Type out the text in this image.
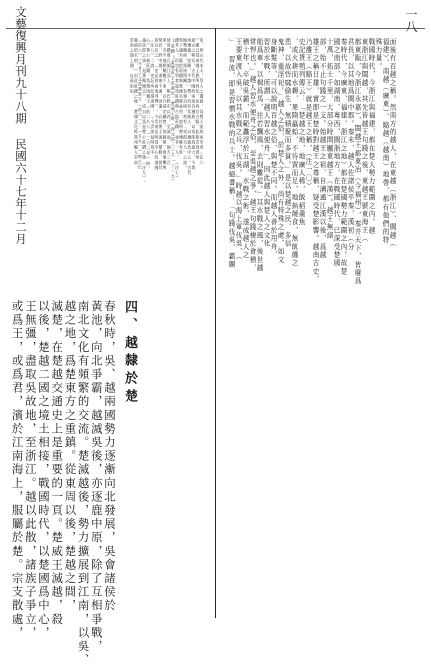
一八
文藝復興月刊九十八期 民國六十七年十二月	面後有百越之稱。然南方的越人，在東越（浙江）、閩越（
福建）、南越（廣東）、駱越（越南）地帶，都有他們的特
殊力量。
戰國時代，今浙江與福建，都在楚人勢力範圍之內。越
東浙江與閩越，其先皆越王句踐之後，東越王號東海王（
都東甌，今浙江永嘉），閩越王都東冶（今福州），秦并天下，皆廢爲
君長，以其地爲閩中郡。秦末，越人佐諸侯平秦，漢初（分
秦時代，今廣東、福建、浙江之地）都在楚國勢力範圍之內。故楚
國之南部，如湖南、粵西、閩浙地方，在戰國時代，已深受楚國
十萬，拓土千里，大部分時間屬東越王（漢）。越王無諸
部，始不止句踐之一支。始越王之祖，自溝通江漢以後，爲越
雄王之稱日雄，實即是楚時對越王之尊稱，疑受楚影響。越南古史，
乃雒王（駱王）就是越王之稱。（注一〇）
史記貨殖列傳云：「楚越之地，地廣人稀，飯稻羹魚
，或火耕而水耨，果隋蠃蛤，不待賈而足，地埶饒食，無飢饉之
患，以故呰窳偷生，無積聚而多貧。」是以楚越之民，多信
鬼神，重淫祀。」越人之俗，於楚人之外，尚有特殊之處，如文
身斷髮等，可以說明百越之俗，與楚不同。而越人善於用舟，
習於水戰，所謂「越人習水便舟」，因此越人與楚人之文化
船爲車，以楫爲馬，往若飄風，去則難從。」其水戰之風，後世越
常悍也。」越人習水便舟之俗，至吳越之爭，越王句踐棲於會稽，
稽十年，卒破吳霸，而範蠡浮於五湖，水戰之術，遂成越人之
王要東渡入吳，以其水戰之兵，伐吳。」時越以海上軍伐吳，（
」 習流，即是習慣水戰的兵士。越絕書稱：「句踐伐吳，霸關
家，仰古代宋人，蔡人之遺裔，爲楚人流放而至者（注六
）雖已爲周國土族所同化，而尚存古服，此紫雲爲貴州
最古之移民，古代中國西南部各邊族，以夜郎爲最大。今貴
州遵義，安順，平越一帶，均有其族人，以遵義爲中心。古代
地勢關係，需接閉關，負嶺自固，故有「夜郎自大」之說。
荀子議兵篇把莊蹻與楚國名將並列，說明楚國確有莊
蹻其人。但也有學者認爲莊蹻與古盜莊蹻，並非一人。（注七）
[莊蹻]蓋楚莊王苗裔也。楚威王時（西元前三三九—三二九）
使莊蹻將兵循江而上，略巴黔中以西，至滇池，地方三百
里，旁平地肥饒數千里，以兵威定屬楚。欲歸報，會秦擊奪
楚巴、黔中郡，道塞不通，因還，以其衆王滇，變服，從其
俗以長之。（史記西南夷列傳）。今雲南昆明爲中心的滇國，
（注八）二說，史記所記謂滇國，（今雲南昆明爲中
心）楚公族莊蹻，爲楚頃襄王（前二九八—二六三年）時，
滅夜郎之事。見華陽國志），成自以爲是楚公莊蹻之後（注九）。
（註八）（今甘子文爲楚莊王（前六一三—五九一）時公正
滕滇的名相，）由此莊蹻之後，楚國文化經貴州輸入雲南，
雲南之通上國，自茲始也。
四、越隸於楚
春秋時，吳、越兩國勢力逐漸向北發展，吳會諸侯於
黃池，向北爭霸，越滅吳後，亦逐鹿中原，除了互相爭戰，
南北文化有頻繁的交流。楚滅越後，勢力擴展到江南，以吳、
越之地，爲楚東方之重鎮。從東周以後，楚越之間，
滅楚，在楚越交通史上是重要的一頁。楚威王滅越，殺
以後，楚越二國之境土相接，戰國時代，以楚國爲中心，
王無彊，盡取吳故地，至浙江。越以此散，諸族子爭立，
或爲王，或爲君，濱於江南海上，服屬於楚。宗支散處，
